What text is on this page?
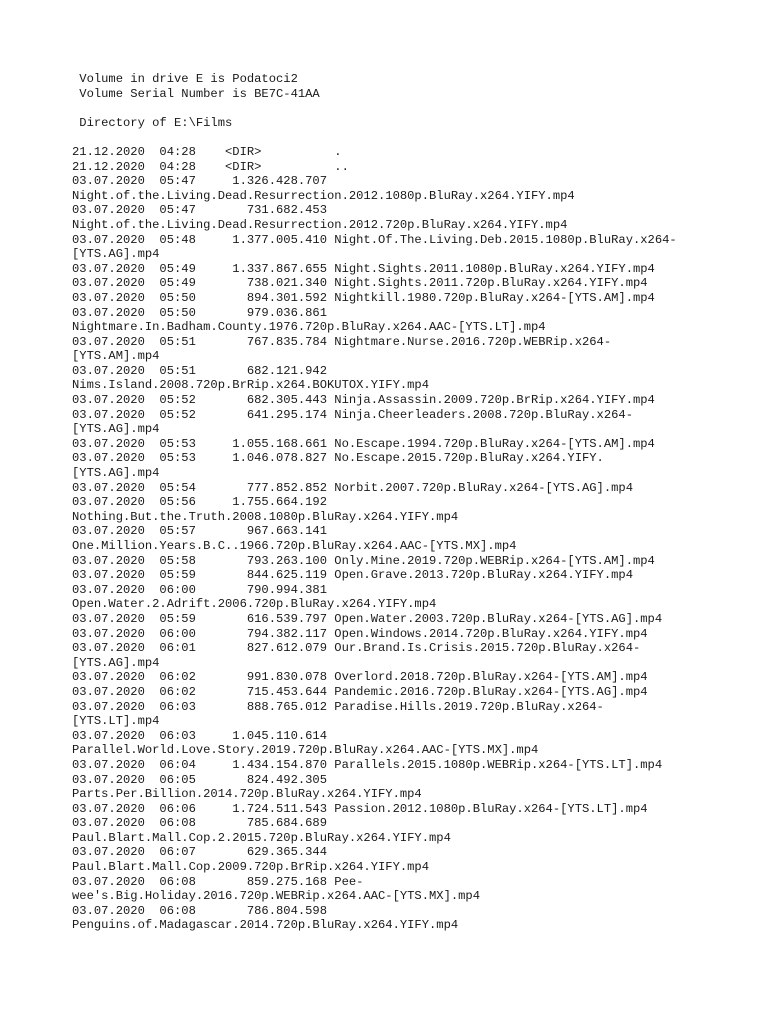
Volume in drive E is Podatoci2
Volume Serial Number is BE7C-41AA
Directory of E:\Films
21.12.2020  04:28    <DIR>          .
21.12.2020  04:28    <DIR>          ..
03.07.2020  05:47     1.326.428.707
Night.of.the.Living.Dead.Resurrection.2012.1080p.BluRay.x264.YIFY.mp4
03.07.2020  05:47       731.682.453
Night.of.the.Living.Dead.Resurrection.2012.720p.BluRay.x264.YIFY.mp4
03.07.2020  05:48     1.377.005.410 Night.Of.The.Living.Deb.2015.1080p.BluRay.x264-
[YTS.AG].mp4
03.07.2020  05:49     1.337.867.655 Night.Sights.2011.1080p.BluRay.x264.YIFY.mp4
03.07.2020  05:49       738.021.340 Night.Sights.2011.720p.BluRay.x264.YIFY.mp4
03.07.2020  05:50       894.301.592 Nightkill.1980.720p.BluRay.x264-[YTS.AM].mp4
03.07.2020  05:50       979.036.861
Nightmare.In.Badham.County.1976.720p.BluRay.x264.AAC-[YTS.LT].mp4
03.07.2020  05:51       767.835.784 Nightmare.Nurse.2016.720p.WEBRip.x264-
[YTS.AM].mp4
03.07.2020  05:51       682.121.942
Nims.Island.2008.720p.BrRip.x264.BOKUTOX.YIFY.mp4
03.07.2020  05:52       682.305.443 Ninja.Assassin.2009.720p.BrRip.x264.YIFY.mp4
03.07.2020  05:52       641.295.174 Ninja.Cheerleaders.2008.720p.BluRay.x264-
[YTS.AG].mp4
03.07.2020  05:53     1.055.168.661 No.Escape.1994.720p.BluRay.x264-[YTS.AM].mp4
03.07.2020  05:53     1.046.078.827 No.Escape.2015.720p.BluRay.x264.YIFY.
[YTS.AG].mp4
03.07.2020  05:54       777.852.852 Norbit.2007.720p.BluRay.x264-[YTS.AG].mp4
03.07.2020  05:56     1.755.664.192
Nothing.But.the.Truth.2008.1080p.BluRay.x264.YIFY.mp4
03.07.2020  05:57       967.663.141
One.Million.Years.B.C..1966.720p.BluRay.x264.AAC-[YTS.MX].mp4
03.07.2020  05:58       793.263.100 Only.Mine.2019.720p.WEBRip.x264-[YTS.AM].mp4
03.07.2020  05:59       844.625.119 Open.Grave.2013.720p.BluRay.x264.YIFY.mp4
03.07.2020  06:00       790.994.381
Open.Water.2.Adrift.2006.720p.BluRay.x264.YIFY.mp4
03.07.2020  05:59       616.539.797 Open.Water.2003.720p.BluRay.x264-[YTS.AG].mp4
03.07.2020  06:00       794.382.117 Open.Windows.2014.720p.BluRay.x264.YIFY.mp4
03.07.2020  06:01       827.612.079 Our.Brand.Is.Crisis.2015.720p.BluRay.x264-
[YTS.AG].mp4
03.07.2020  06:02       991.830.078 Overlord.2018.720p.BluRay.x264-[YTS.AM].mp4
03.07.2020  06:02       715.453.644 Pandemic.2016.720p.BluRay.x264-[YTS.AG].mp4
03.07.2020  06:03       888.765.012 Paradise.Hills.2019.720p.BluRay.x264-
[YTS.LT].mp4
03.07.2020  06:03     1.045.110.614
Parallel.World.Love.Story.2019.720p.BluRay.x264.AAC-[YTS.MX].mp4
03.07.2020  06:04     1.434.154.870 Parallels.2015.1080p.WEBRip.x264-[YTS.LT].mp4
03.07.2020  06:05       824.492.305
Parts.Per.Billion.2014.720p.BluRay.x264.YIFY.mp4
03.07.2020  06:06     1.724.511.543 Passion.2012.1080p.BluRay.x264-[YTS.LT].mp4
03.07.2020  06:08       785.684.689
Paul.Blart.Mall.Cop.2.2015.720p.BluRay.x264.YIFY.mp4
03.07.2020  06:07       629.365.344
Paul.Blart.Mall.Cop.2009.720p.BrRip.x264.YIFY.mp4
03.07.2020  06:08       859.275.168 Pee-
wee's.Big.Holiday.2016.720p.WEBRip.x264.AAC-[YTS.MX].mp4
03.07.2020  06:08       786.804.598
Penguins.of.Madagascar.2014.720p.BluRay.x264.YIFY.mp4
